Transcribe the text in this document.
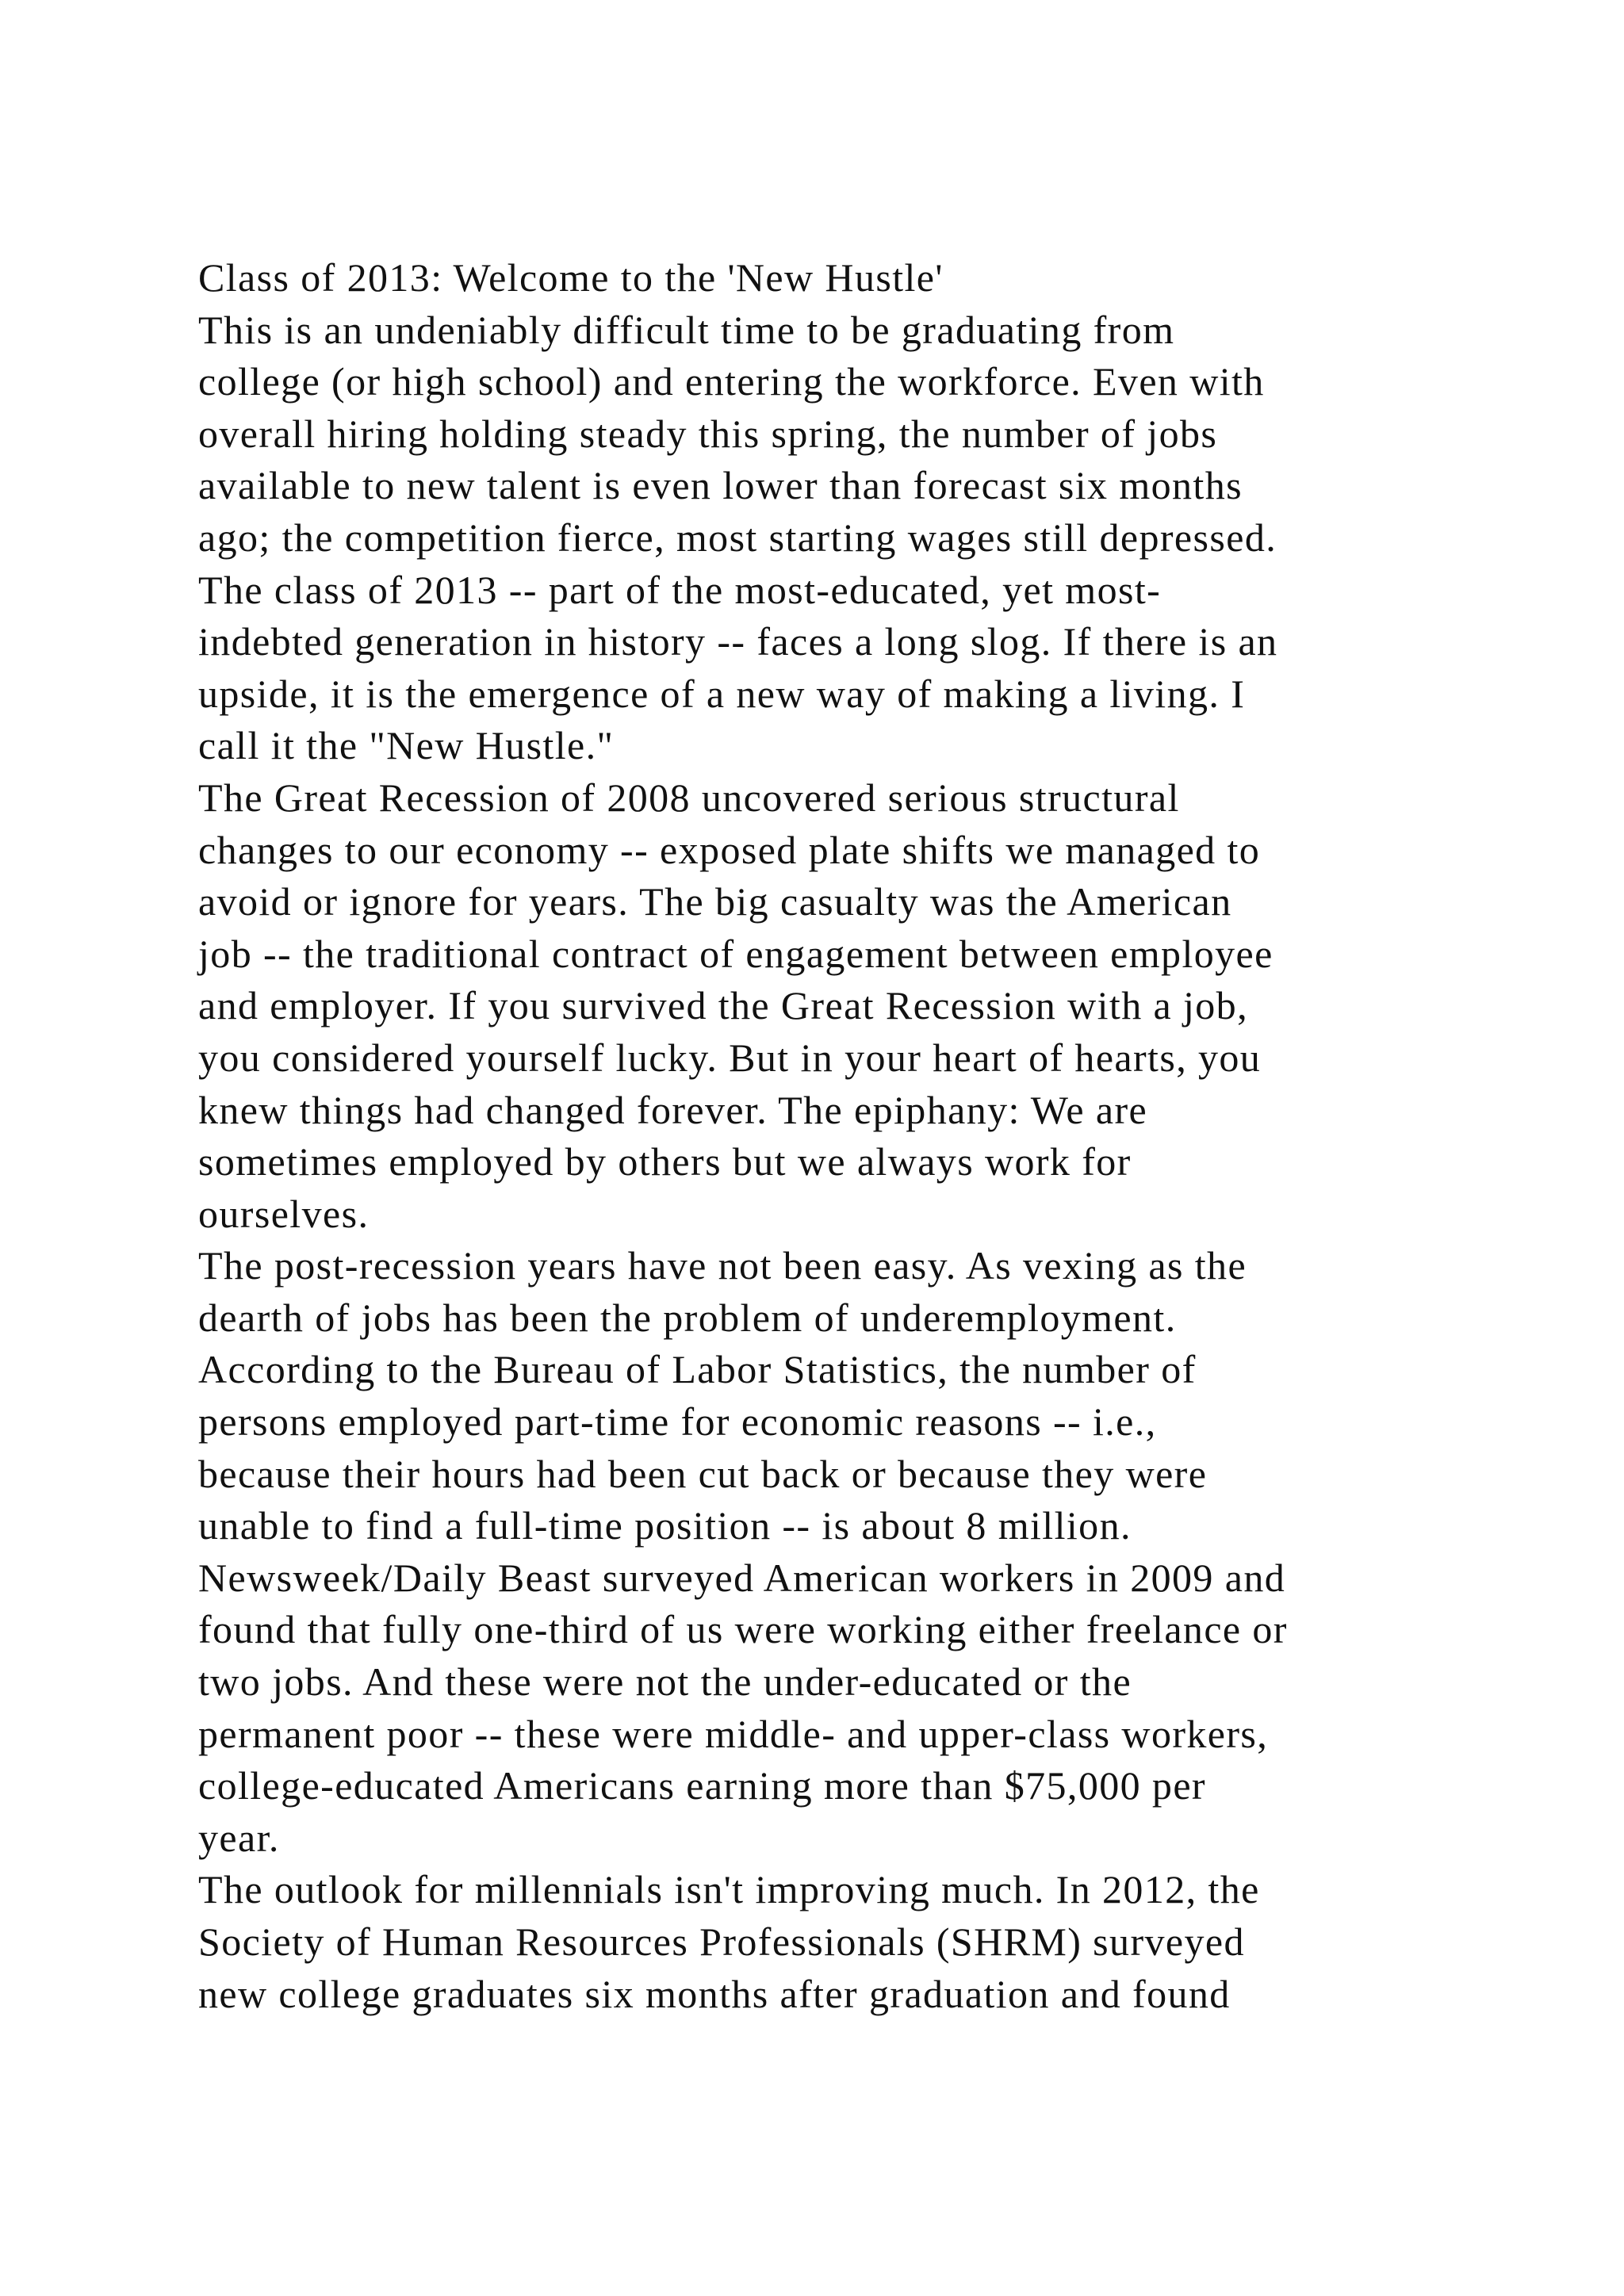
Class of 2013: Welcome to the 'New Hustle'
This is an undeniably difficult time to be graduating from
college (or high school) and entering the workforce. Even with
overall hiring holding steady this spring, the number of jobs
available to new talent is even lower than forecast six months
ago; the competition fierce, most starting wages still depressed.
The class of 2013 -- part of the most-educated, yet most-
indebted generation in history -- faces a long slog. If there is an
upside, it is the emergence of a new way of making a living. I
call it the "New Hustle."
The Great Recession of 2008 uncovered serious structural
changes to our economy -- exposed plate shifts we managed to
avoid or ignore for years. The big casualty was the American
job -- the traditional contract of engagement between employee
and employer. If you survived the Great Recession with a job,
you considered yourself lucky. But in your heart of hearts, you
knew things had changed forever. The epiphany: We are
sometimes employed by others but we always work for
ourselves.
The post-recession years have not been easy. As vexing as the
dearth of jobs has been the problem of underemployment.
According to the Bureau of Labor Statistics, the number of
persons employed part-time for economic reasons -- i.e.,
because their hours had been cut back or because they were
unable to find a full-time position -- is about 8 million.
Newsweek/Daily Beast surveyed American workers in 2009 and
found that fully one-third of us were working either freelance or
two jobs. And these were not the under-educated or the
permanent poor -- these were middle- and upper-class workers,
college-educated Americans earning more than $75,000 per
year.
The outlook for millennials isn't improving much. In 2012, the
Society of Human Resources Professionals (SHRM) surveyed
new college graduates six months after graduation and found
